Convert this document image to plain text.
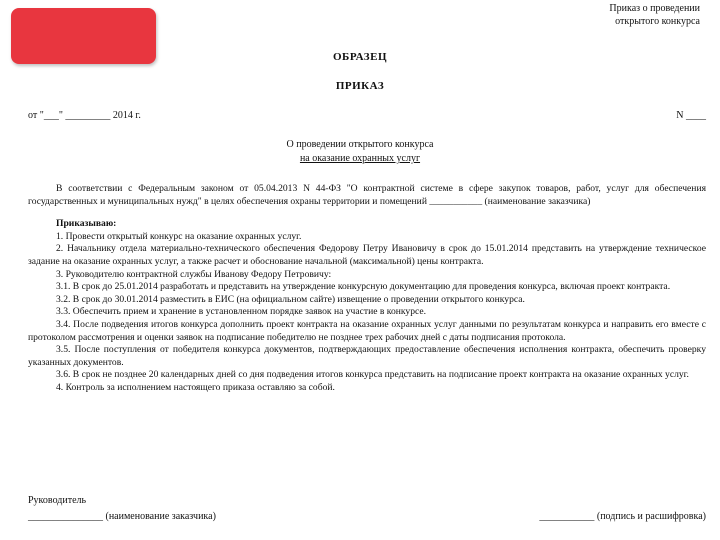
Приказ о проведении
открытого конкурса
ОБРАЗЕЦ
ПРИКАЗ
от "___" _________ 2014 г.	N ____
О проведении открытого конкурса
на оказание охранных услуг

В соответствии с Федеральным законом от 05.04.2013 N 44-ФЗ "О контрактной системе в сфере закупок товаров, работ, услуг для обеспечения государственных и муниципальных нужд" в целях обеспечения охраны территории и помещений ___________ (наименование заказчика)

Приказываю:

1. Провести открытый конкурс на оказание охранных услуг.

2. Начальнику отдела материально-технического обеспечения Федорову Петру Ивановичу в срок до 15.01.2014 представить на утверждение техническое задание на оказание охранных услуг, а также расчет и обоснование начальной (максимальной) цены контракта.

3. Руководителю контрактной службы Иванову Федору Петровичу:

3.1. В срок до 25.01.2014 разработать и представить на утверждение конкурсную документацию для проведения конкурса, включая проект контракта.

3.2. В срок до 30.01.2014 разместить в ЕИС (на официальном сайте) извещение о проведении открытого конкурса.

3.3. Обеспечить прием и хранение в установленном порядке заявок на участие в конкурсе.

3.4. После подведения итогов конкурса дополнить проект контракта на оказание охранных услуг данными по результатам конкурса и направить его вместе с протоколом рассмотрения и оценки заявок на подписание победителю не позднее трех рабочих дней с даты подписания протокола.

3.5. После поступления от победителя конкурса документов, подтверждающих предоставление обеспечения исполнения контракта, обеспечить проверку указанных документов.

3.6. В срок не позднее 20 календарных дней со дня подведения итогов конкурса представить на подписание проект контракта на оказание охранных услуг.

4. Контроль за исполнением настоящего приказа оставляю за собой.

Руководитель
_______________ (наименование заказчика)	___________ (подпись и расшифровка)
